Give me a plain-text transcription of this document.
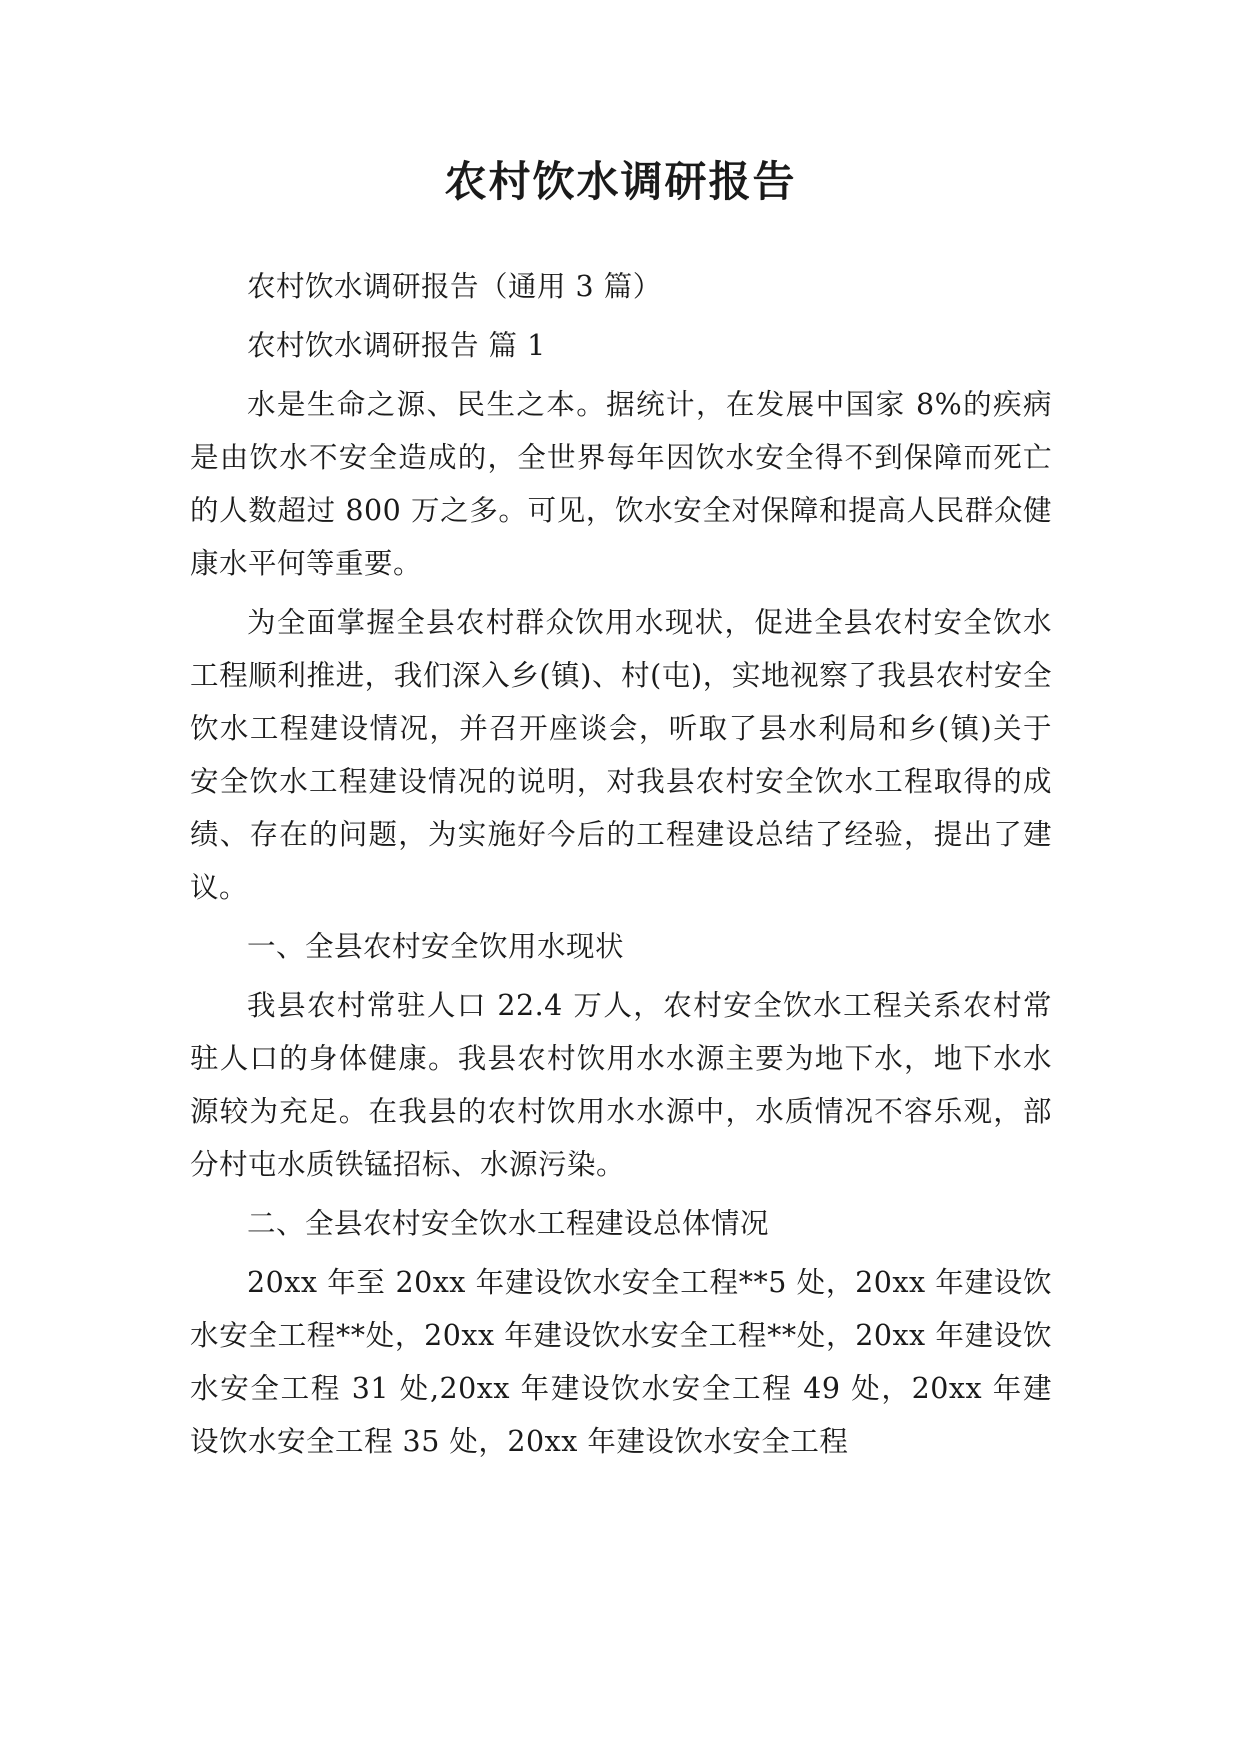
农村饮水调研报告

农村饮水调研报告（通用 3 篇）

农村饮水调研报告 篇 1

水是生命之源、民生之本。据统计，在发展中国家 8%的疾病是由饮水不安全造成的，全世界每年因饮水安全得不到保障而死亡的人数超过 800 万之多。可见，饮水安全对保障和提高人民群众健康水平何等重要。

为全面掌握全县农村群众饮用水现状，促进全县农村安全饮水工程顺利推进，我们深入乡(镇)、村(屯)，实地视察了我县农村安全饮水工程建设情况，并召开座谈会，听取了县水利局和乡(镇)关于安全饮水工程建设情况的说明，对我县农村安全饮水工程取得的成绩、存在的问题，为实施好今后的工程建设总结了经验，提出了建议。

一、全县农村安全饮用水现状

我县农村常驻人口 22.4 万人，农村安全饮水工程关系农村常驻人口的身体健康。我县农村饮用水水源主要为地下水，地下水水源较为充足。在我县的农村饮用水水源中，水质情况不容乐观，部分村屯水质铁锰招标、水源污染。

二、全县农村安全饮水工程建设总体情况

20xx 年至 20xx 年建设饮水安全工程**5 处，20xx 年建设饮水安全工程**处，20xx 年建设饮水安全工程**处，20xx 年建设饮水安全工程 31 处,20xx 年建设饮水安全工程 49 处，20xx 年建设饮水安全工程 35 处，20xx 年建设饮水安全工程
